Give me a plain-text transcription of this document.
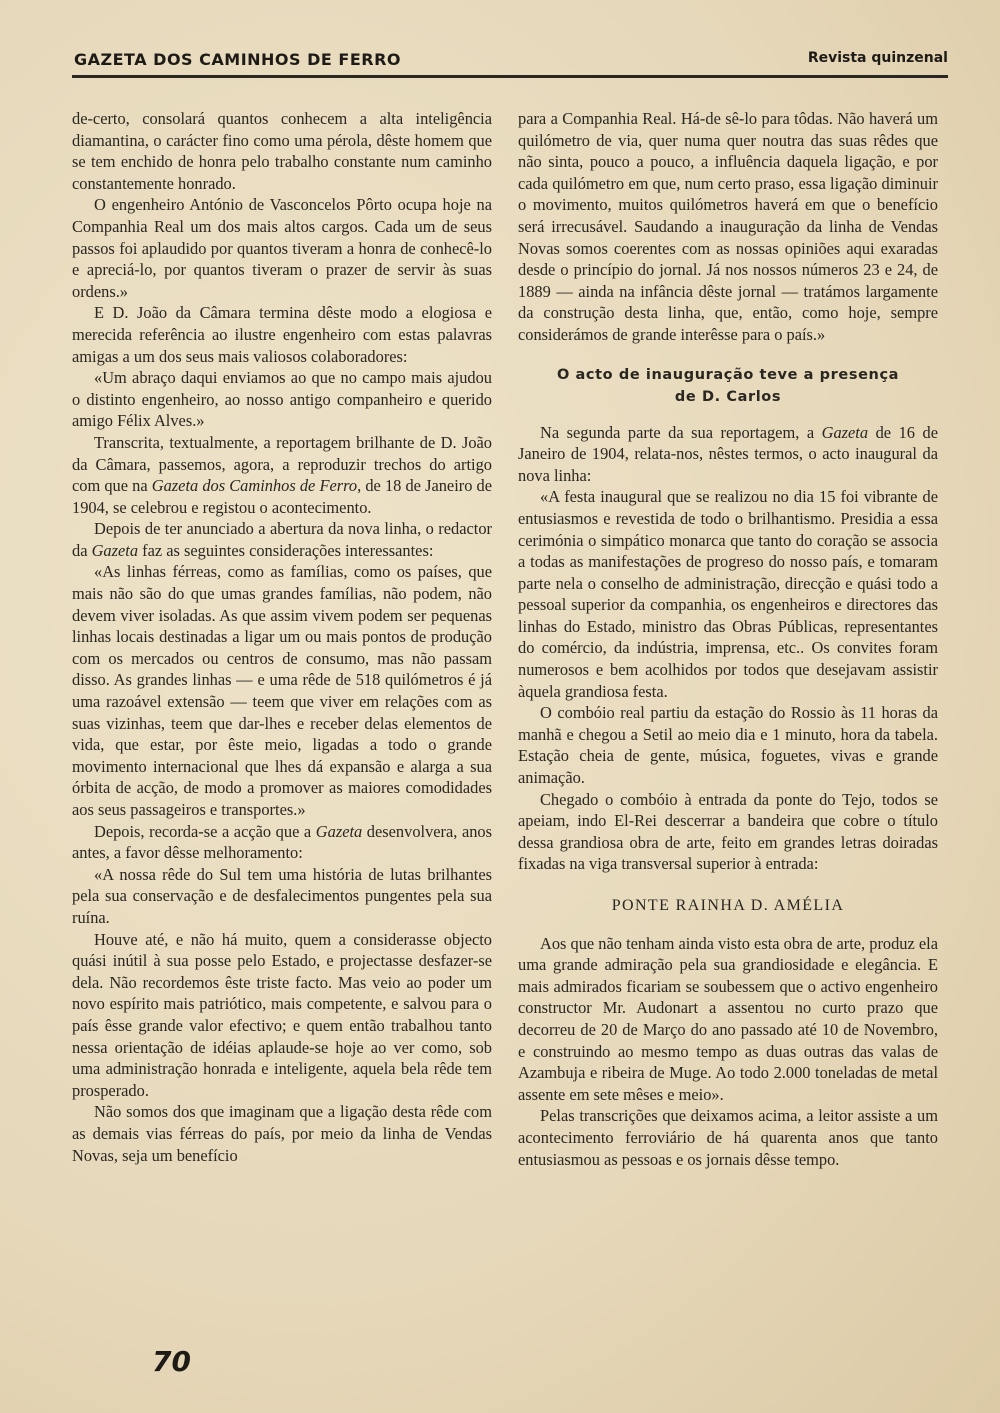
GAZETA DOS CAMINHOS DE FERRO	Revista quinzenal

de-certo, consolará quantos conhecem a alta inteligência diamantina, o carácter fino como uma pérola, dêste homem que se tem enchido de honra pelo trabalho constante num caminho constantemente honrado.

O engenheiro António de Vasconcelos Pôrto ocupa hoje na Companhia Real um dos mais altos cargos. Cada um de seus passos foi aplaudido por quantos tiveram a honra de conhecê-lo e apreciá-lo, por quantos tiveram o prazer de servir às suas ordens.»

E D. João da Câmara termina dêste modo a elogiosa e merecida referência ao ilustre engenheiro com estas palavras amigas a um dos seus mais valiosos colaboradores:

«Um abraço daqui enviamos ao que no campo mais ajudou o distinto engenheiro, ao nosso antigo companheiro e querido amigo Félix Alves.»

Transcrita, textualmente, a reportagem brilhante de D. João da Câmara, passemos, agora, a reproduzir trechos do artigo com que na Gazeta dos Caminhos de Ferro, de 18 de Janeiro de 1904, se celebrou e registou o acontecimento.

Depois de ter anunciado a abertura da nova linha, o redactor da Gazeta faz as seguintes considerações interessantes:

«As linhas férreas, como as famílias, como os países, que mais não são do que umas grandes famílias, não podem, não devem viver isoladas. As que assim vivem podem ser pequenas linhas locais destinadas a ligar um ou mais pontos de produção com os mercados ou centros de consumo, mas não passam disso. As grandes linhas — e uma rêde de 518 quilómetros é já uma razoável extensão — teem que viver em relações com as suas vizinhas, teem que dar-lhes e receber delas elementos de vida, que estar, por êste meio, ligadas a todo o grande movimento internacional que lhes dá expansão e alarga a sua órbita de acção, de modo a promover as maiores comodidades aos seus passageiros e transportes.»

Depois, recorda-se a acção que a Gazeta desenvolvera, anos antes, a favor dêsse melhoramento:

«A nossa rêde do Sul tem uma história de lutas brilhantes pela sua conservação e de desfalecimentos pungentes pela sua ruína.

Houve até, e não há muito, quem a considerasse objecto quási inútil à sua posse pelo Estado, e projectasse desfazer-se dela. Não recordemos êste triste facto. Mas veio ao poder um novo espírito mais patriótico, mais competente, e salvou para o país êsse grande valor efectivo; e quem então trabalhou tanto nessa orientação de idéias aplaude-se hoje ao ver como, sob uma administração honrada e inteligente, aquela bela rêde tem prosperado.

Não somos dos que imaginam que a ligação desta rêde com as demais vias férreas do país, por meio da linha de Vendas Novas, seja um benefício

para a Companhia Real. Há-de sê-lo para tôdas. Não haverá um quilómetro de via, quer numa quer noutra das suas rêdes que não sinta, pouco a pouco, a influência daquela ligação, e por cada quilómetro em que, num certo praso, essa ligação diminuir o movimento, muitos quilómetros haverá em que o benefício será irrecusável. Saudando a inauguração da linha de Vendas Novas somos coerentes com as nossas opiniões aqui exaradas desde o princípio do jornal. Já nos nossos números 23 e 24, de 1889 — ainda na infância dêste jornal — tratámos largamente da construção desta linha, que, então, como hoje, sempre considerámos de grande interêsse para o país.»

O acto de inauguração teve a presença
de D. Carlos

Na segunda parte da sua reportagem, a Gazeta de 16 de Janeiro de 1904, relata-nos, nêstes termos, o acto inaugural da nova linha:

«A festa inaugural que se realizou no dia 15 foi vibrante de entusiasmos e revestida de todo o brilhantismo. Presidia a essa cerimónia o simpático monarca que tanto do coração se associa a todas as manifestações de progreso do nosso país, e tomaram parte nela o conselho de administração, direcção e quási todo a pessoal superior da companhia, os engenheiros e directores das linhas do Estado, ministro das Obras Públicas, representantes do comércio, da indústria, imprensa, etc.. Os convites foram numerosos e bem acolhidos por todos que desejavam assistir àquela grandiosa festa.

O combóio real partiu da estação do Rossio às 11 horas da manhã e chegou a Setil ao meio dia e 1 minuto, hora da tabela. Estação cheia de gente, música, foguetes, vivas e grande animação.

Chegado o combóio à entrada da ponte do Tejo, todos se apeiam, indo El-Rei descerrar a bandeira que cobre o título dessa grandiosa obra de arte, feito em grandes letras doiradas fixadas na viga transversal superior à entrada:

PONTE RAINHA D. AMÉLIA

Aos que não tenham ainda visto esta obra de arte, produz ela uma grande admiração pela sua grandiosidade e elegância. E mais admirados ficariam se soubessem que o activo engenheiro constructor Mr. Audonart a assentou no curto prazo que decorreu de 20 de Março do ano passado até 10 de Novembro, e construindo ao mesmo tempo as duas outras das valas de Azambuja e ribeira de Muge. Ao todo 2.000 toneladas de metal assente em sete mêses e meio».

Pelas transcrições que deixamos acima, a leitor assiste a um acontecimento ferroviário de há quarenta anos que tanto entusiasmou as pessoas e os jornais dêsse tempo.

70
